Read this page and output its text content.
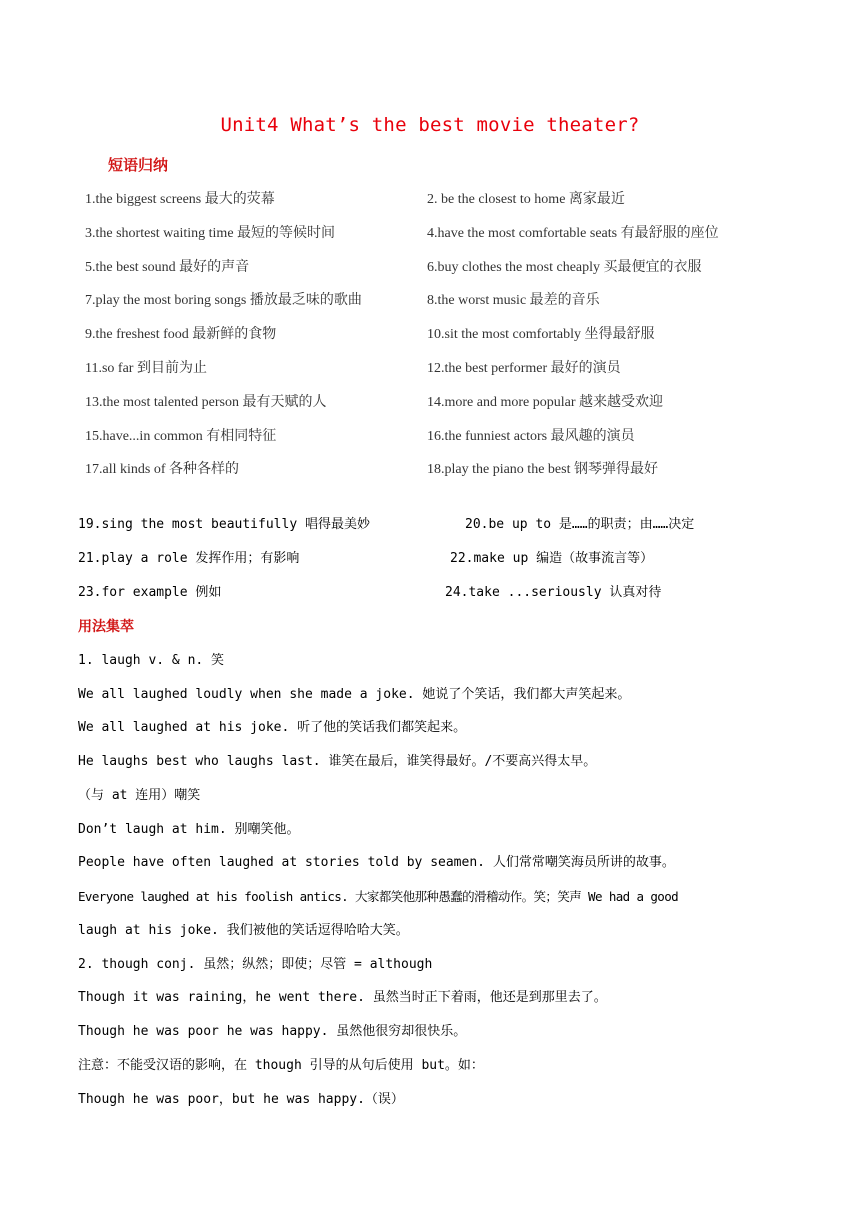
Unit4 What’s the best movie theater?
短语归纳
1.the biggest screens 最大的荧幕	2. be the closest to home 离家最近
3.the shortest waiting time 最短的等候时间	4.have the most comfortable seats 有最舒服的座位
5.the best sound 最好的声音	6.buy clothes the most cheaply 买最便宜的衣服
7.play the most boring songs 播放最乏味的歌曲	8.the worst music 最差的音乐
9.the freshest food 最新鲜的食物	10.sit the most comfortably 坐得最舒服
11.so far 到目前为止	12.the best performer 最好的演员
13.the most talented person 最有天赋的人	14.more and more popular 越来越受欢迎
15.have...in common 有相同特征	16.the funniest actors 最风趣的演员
17.all kinds of 各种各样的	18.play the piano the best 钢琴弹得最好
19.sing the most beautifully 唱得最美妙	20.be up to 是……的职责；由……决定
21.play a role 发挥作用；有影响	22.make up 编造（故事流言等）
23.for example 例如	24.take ...seriously 认真对待
用法集萃
1. laugh v. & n. 笑
We all laughed loudly when she made a joke. 她说了个笑话，我们都大声笑起来。
We all laughed at his joke. 听了他的笑话我们都笑起来。
He laughs best who laughs last. 谁笑在最后，谁笑得最好。/不要高兴得太早。
（与 at 连用）嘲笑
Don’t laugh at him. 别嘲笑他。
People have often laughed at stories told by seamen. 人们常常嘲笑海员所讲的故事。
Everyone laughed at his foolish antics. 大家都笑他那种愚蠢的滑稽动作。笑；笑声 We had a good
laugh at his joke. 我们被他的笑话逗得哈哈大笑。
2. though conj. 虽然；纵然；即使；尽管 = although
Though it was raining，he went there. 虽然当时正下着雨，他还是到那里去了。
Though he was poor he was happy. 虽然他很穷却很快乐。
注意：不能受汉语的影响，在 though 引导的从句后使用 but。如：
Though he was poor，but he was happy.（误）
